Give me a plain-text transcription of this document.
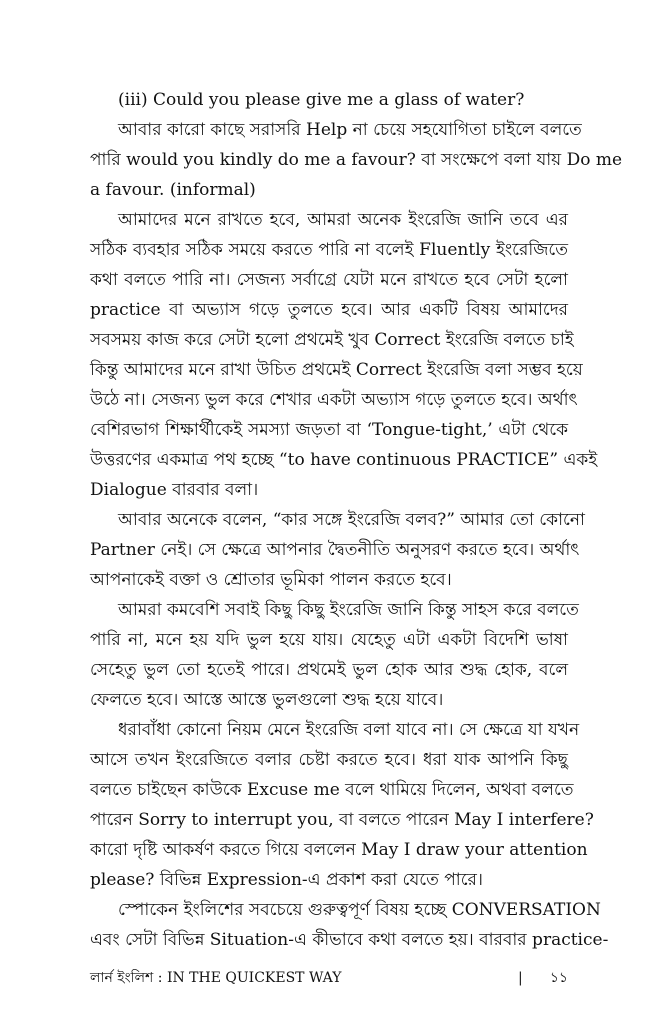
(iii) Could you please give me a glass of water?
আবার কারো কাছে সরাসরি Help না চেয়ে সহযোগিতা চাইলে বলতে
পারি would you kindly do me a favour? বা সংক্ষেপে বলা যায় Do me
a favour. (informal)
আমাদের মনে রাখতে হবে, আমরা অনেক ইংরেজি জানি তবে এর
সঠিক ব্যবহার সঠিক সময়ে করতে পারি না বলেই Fluently ইংরেজিতে
কথা বলতে পারি না। সেজন্য সর্বাগ্রে যেটা মনে রাখতে হবে সেটা হলো
practice বা অভ্যাস গড়ে তুলতে হবে। আর একটি বিষয় আমাদের
সবসময় কাজ করে সেটা হলো প্রথমেই খুব Correct ইংরেজি বলতে চাই
কিন্তু আমাদের মনে রাখা উচিত প্রথমেই Correct ইংরেজি বলা সম্ভব হয়ে
উঠে না। সেজন্য ভুল করে শেখার একটা অভ্যাস গড়ে তুলতে হবে। অর্থাৎ
বেশিরভাগ শিক্ষার্থীকেই সমস্যা জড়তা বা ‘Tongue-tight,’ এটা থেকে
উত্তরণের একমাত্র পথ হচ্ছে “to have continuous PRACTICE” একই
Dialogue বারবার বলা।
আবার অনেকে বলেন, “কার সঙ্গে ইংরেজি বলব?” আমার তো কোনো
Partner নেই। সে ক্ষেত্রে আপনার দ্বৈতনীতি অনুসরণ করতে হবে। অর্থাৎ
আপনাকেই বক্তা ও শ্রোতার ভূমিকা পালন করতে হবে।
আমরা কমবেশি সবাই কিছু কিছু ইংরেজি জানি কিন্তু সাহস করে বলতে
পারি না, মনে হয় যদি ভুল হয়ে যায়। যেহেতু এটা একটা বিদেশি ভাষা
সেহেতু ভুল তো হতেই পারে। প্রথমেই ভুল হোক আর শুদ্ধ হোক, বলে
ফেলতে হবে। আস্তে আস্তে ভুলগুলো শুদ্ধ হয়ে যাবে।
ধরাবাঁধা কোনো নিয়ম মেনে ইংরেজি বলা যাবে না। সে ক্ষেত্রে যা যখন
আসে তখন ইংরেজিতে বলার চেষ্টা করতে হবে। ধরা যাক আপনি কিছু
বলতে চাইছেন কাউকে Excuse me বলে থামিয়ে দিলেন, অথবা বলতে
পারেন Sorry to interrupt you, বা বলতে পারেন May I interfere?
কারো দৃষ্টি আকর্ষণ করতে গিয়ে বললেন May I draw your attention
please? বিভিন্ন Expression-এ প্রকাশ করা যেতে পারে।
স্পোকেন ইংলিশের সবচেয়ে গুরুত্বপূর্ণ বিষয় হচ্ছে CONVERSATION
এবং সেটা বিভিন্ন Situation-এ কীভাবে কথা বলতে হয়। বারবার practice-
লার্ন ইংলিশ : IN THE QUICKEST WAY	| ১১
